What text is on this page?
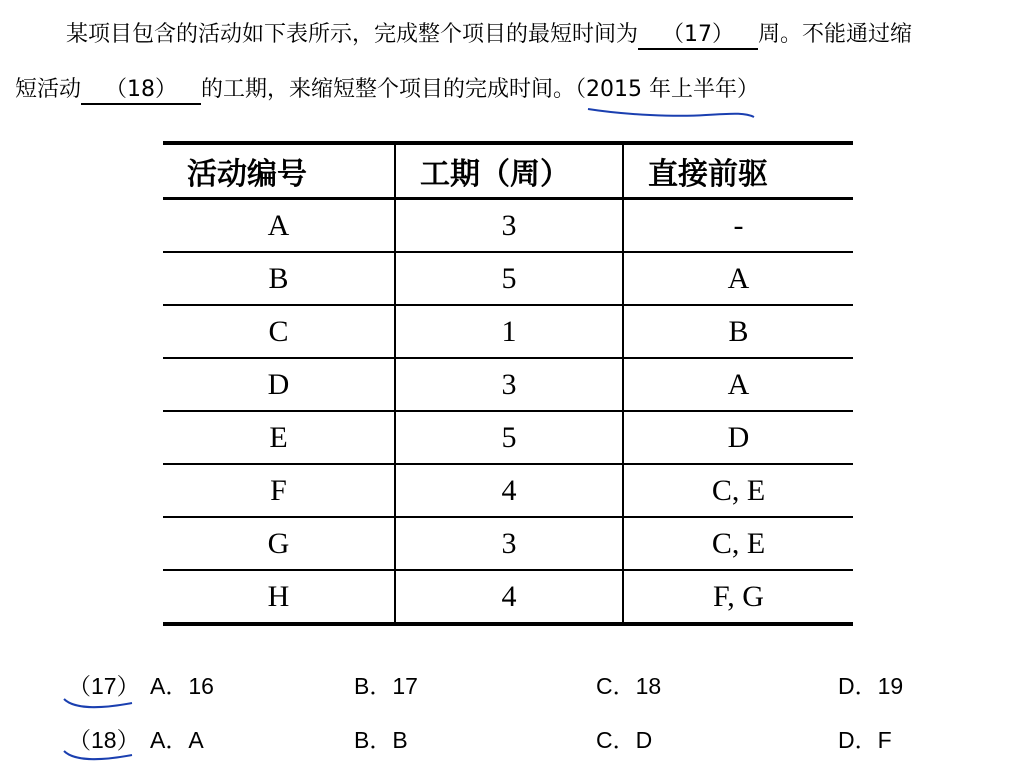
某项目包含的活动如下表所示，完成整个项目的最短时间为 （17） 周。不能通过缩
短活动 （18） 的工期，来缩短整个项目的完成时间。（2015 年上半年
）
活动编号	工期（周）	直接前驱
A	3	-
B	5	A
C	1	B
D	3	A
E	5	D
F	4	C, E
G	3	C, E
H	4	F, G
（17） A．16	B．17	C．18	D．19
（18） A．A	B．B	C．D	D．F
